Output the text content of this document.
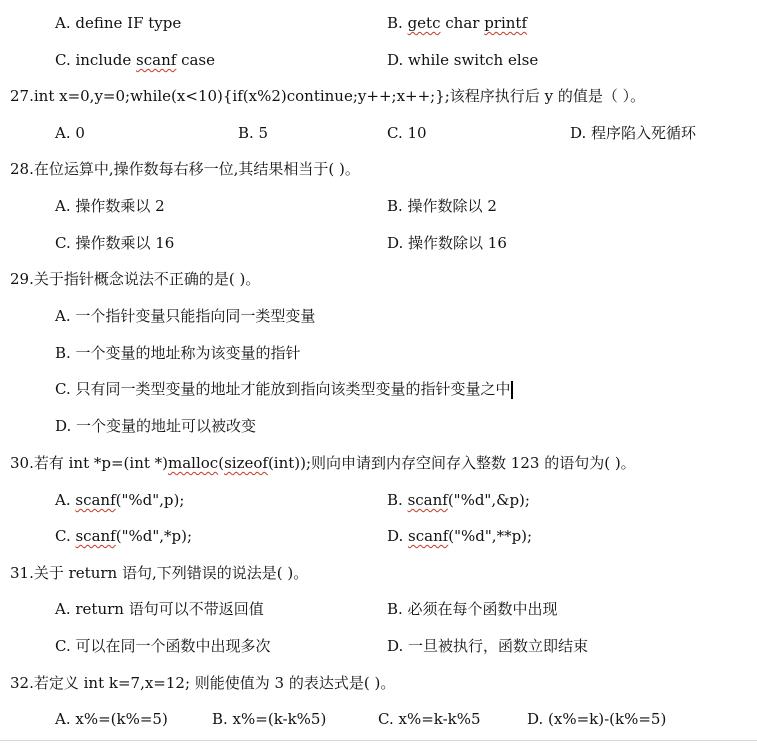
A. define IF type	B. getc char printf
C. include scanf case	D. while switch else
27.int x=0,y=0;while(x<10){if(x%2)continue;y++;x++;};该程序执行后 y 的值是（ ）。
A. 0	B. 5	C. 10	D. 程序陷入死循环
28.在位运算中,操作数每右移一位,其结果相当于( )。
A. 操作数乘以 2	B. 操作数除以 2
C. 操作数乘以 16	D. 操作数除以 16
29.关于指针概念说法不正确的是( )。
A. 一个指针变量只能指向同一类型变量
B. 一个变量的地址称为该变量的指针
C. 只有同一类型变量的地址才能放到指向该类型变量的指针变量之中
D. 一个变量的地址可以被改变
30.若有 int *p=(int *)malloc(sizeof(int));则向申请到内存空间存入整数 123 的语句为( )。
A. scanf("%d",p);	B. scanf("%d",&p);
C. scanf("%d",*p);	D. scanf("%d",**p);
31.关于 return 语句,下列错误的说法是( )。
A. return 语句可以不带返回值	B. 必须在每个函数中出现
C. 可以在同一个函数中出现多次	D. 一旦被执行，函数立即结束
32.若定义 int k=7,x=12; 则能使值为 3 的表达式是( )。
A. x%=(k%=5)	B. x%=(k-k%5)	C. x%=k-k%5	D. (x%=k)-(k%=5)
